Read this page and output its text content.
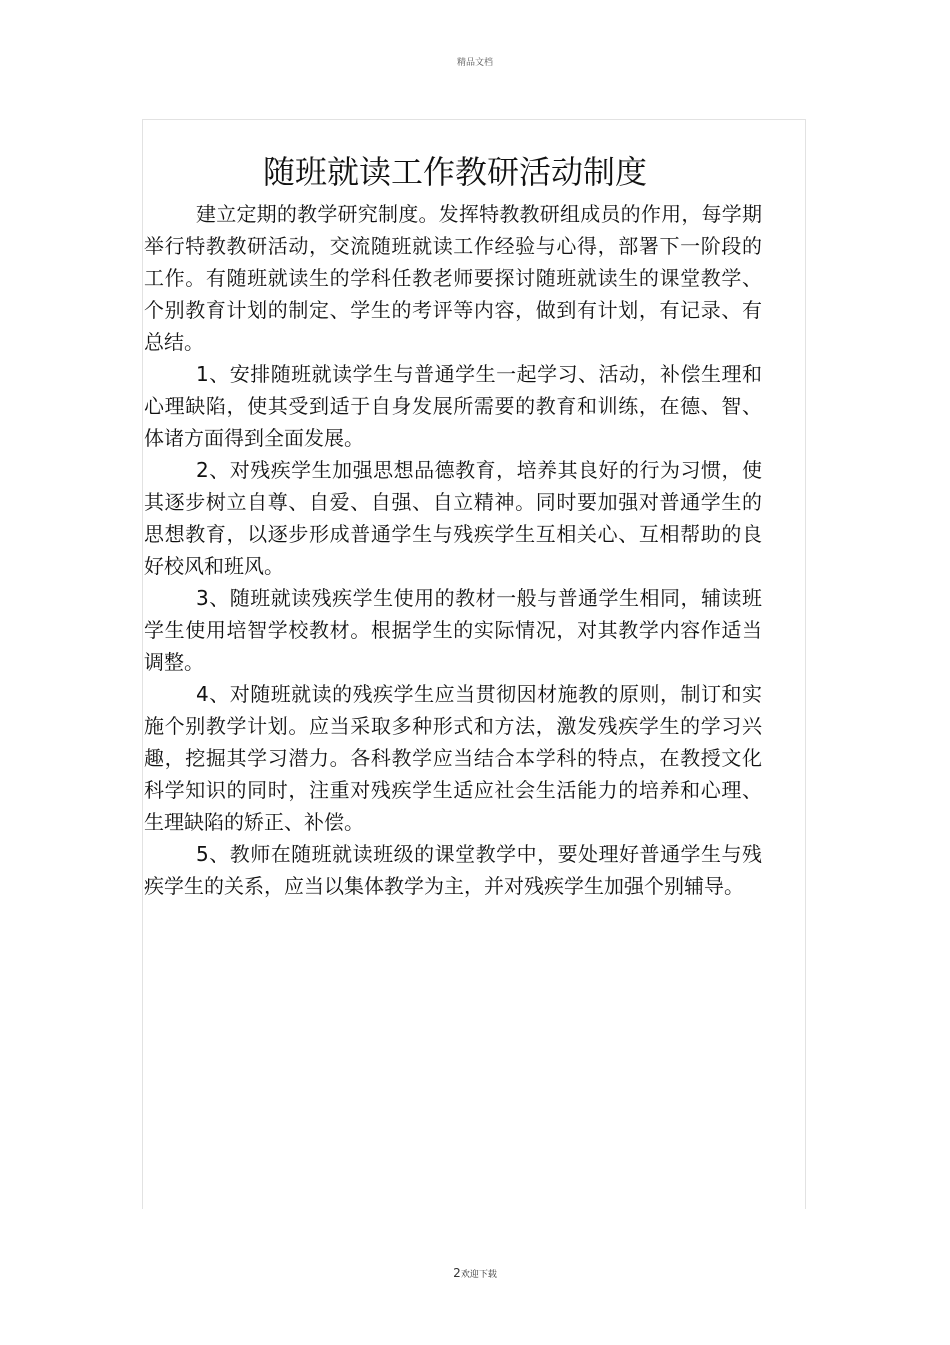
精品文档
随班就读工作教研活动制度

建立定期的教学研究制度。发挥特教教研组成员的作用，每学期举行特教教研活动，交流随班就读工作经验与心得，部署下一阶段的工作。有随班就读生的学科任教老师要探讨随班就读生的课堂教学、个别教育计划的制定、学生的考评等内容，做到有计划，有记录、有总结。

1、安排随班就读学生与普通学生一起学习、活动，补偿生理和心理缺陷，使其受到适于自身发展所需要的教育和训练，在德、智、体诸方面得到全面发展。

2、对残疾学生加强思想品德教育，培养其良好的行为习惯，使其逐步树立自尊、自爱、自强、自立精神。同时要加强对普通学生的思想教育，以逐步形成普通学生与残疾学生互相关心、互相帮助的良好校风和班风。

3、随班就读残疾学生使用的教材一般与普通学生相同，辅读班学生使用培智学校教材。根据学生的实际情况，对其教学内容作适当调整。

4、对随班就读的残疾学生应当贯彻因材施教的原则，制订和实施个别教学计划。应当采取多种形式和方法，激发残疾学生的学习兴趣，挖掘其学习潜力。各科教学应当结合本学科的特点，在教授文化科学知识的同时，注重对残疾学生适应社会生活能力的培养和心理、生理缺陷的矫正、补偿。

5、教师在随班就读班级的课堂教学中，要处理好普通学生与残疾学生的关系，应当以集体教学为主，并对残疾学生加强个别辅导。

2欢迎下载
